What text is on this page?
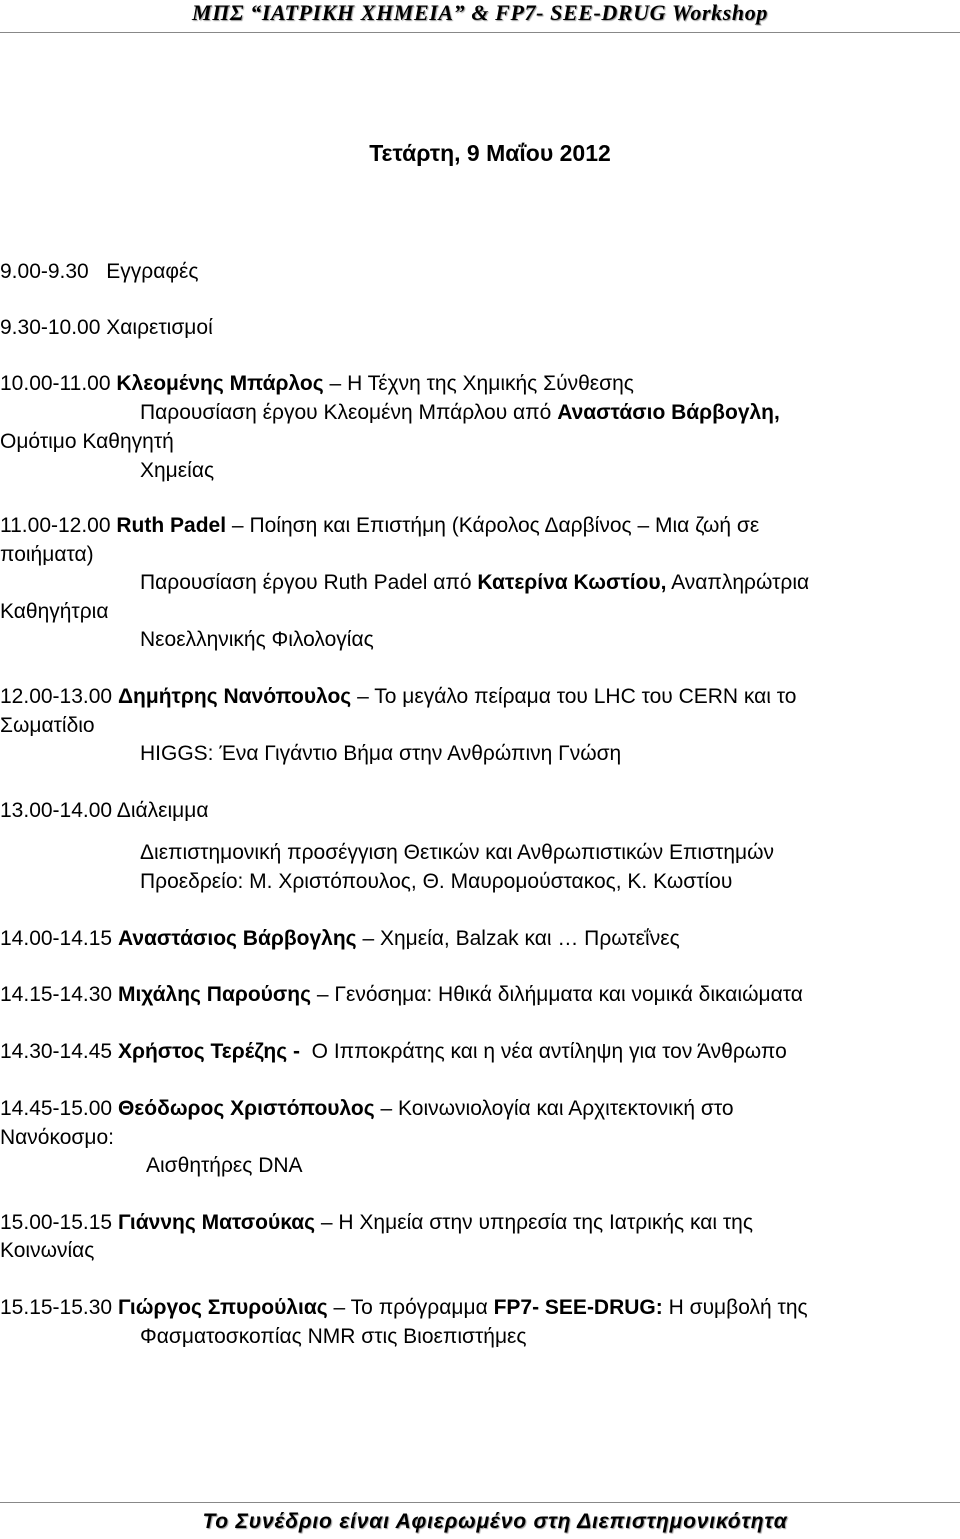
ΜΠΣ “ΙΑΤΡΙΚΗ ΧΗΜΕΙΑ” & FP7- SEE-DRUG Workshop
Τετάρτη, 9 Μαΐου 2012
9.00-9.30 Εγγραφές
9.30-10.00 Χαιρετισμοί
10.00-11.00 Κλεομένης Μπάρλος – Η Τέχνη της Χημικής Σύνθεσης
Παρουσίαση έργου Κλεομένη Μπάρλου από Αναστάσιο Βάρβογλη,
Ομότιμο Καθηγητή
Χημείας
11.00-12.00 Ruth Padel – Ποίηση και Επιστήμη (Κάρολος Δαρβίνος – Μια ζωή σε
ποιήματα)
Παρουσίαση έργου Ruth Padel από Κατερίνα Κωστίου, Αναπληρώτρια
Καθηγήτρια
Νεοελληνικής Φιλολογίας
12.00-13.00 Δημήτρης Νανόπουλος – Το μεγάλο πείραμα του LHC του CERN και το
Σωματίδιο
HIGGS: Ένα Γιγάντιο Βήμα στην Ανθρώπινη Γνώση
13.00-14.00 Διάλειμμα
Διεπιστημονική προσέγγιση Θετικών και Ανθρωπιστικών Επιστημών
Προεδρείο: Μ. Χριστόπουλος, Θ. Μαυρομούστακος, Κ. Κωστίου
14.00-14.15 Αναστάσιος Βάρβογλης – Χημεία, Balzak και … Πρωτεΐνες
14.15-14.30 Μιχάλης Παρούσης – Γενόσημα: Ηθικά διλήμματα και νομικά δικαιώματα
14.30-14.45 Χρήστος Τερέζης - Ο Ιπποκράτης και η νέα αντίληψη για τον Άνθρωπο
14.45-15.00 Θεόδωρος Χριστόπουλος – Κοινωνιολογία και Αρχιτεκτονική στο
Νανόκοσμο:
Αισθητήρες DNA
15.00-15.15 Γιάννης Ματσούκας – Η Χημεία στην υπηρεσία της Ιατρικής και της
Κοινωνίας
15.15-15.30 Γιώργος Σπυρούλιας – Το πρόγραμμα FP7- SEE-DRUG: Η συμβολή της
Φασματοσκοπίας NMR στις Βιοεπιστήμες
Το Συνέδριο είναι Αφιερωμένο στη Διεπιστημονικότητα
